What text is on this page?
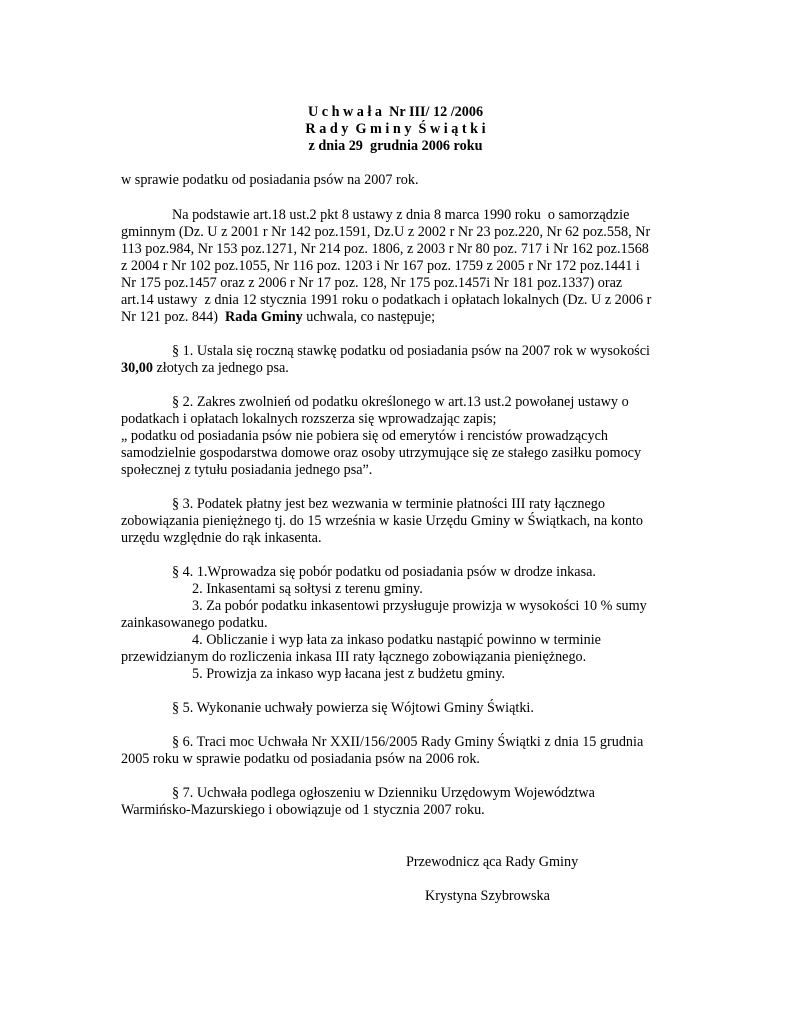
U c h w a ł a  Nr III/ 12 /2006
R a d y  G m i n y  Ś w i ą t k i
z dnia 29  grudnia 2006 roku
w sprawie podatku od posiadania psów na 2007 rok.
Na podstawie art.18 ust.2 pkt 8 ustawy z dnia 8 marca 1990 roku  o samorządzie
gminnym (Dz. U z 2001 r Nr 142 poz.1591, Dz.U z 2002 r Nr 23 poz.220, Nr 62 poz.558, Nr
113 poz.984, Nr 153 poz.1271, Nr 214 poz. 1806, z 2003 r Nr 80 poz. 717 i Nr 162 poz.1568
z 2004 r Nr 102 poz.1055, Nr 116 poz. 1203 i Nr 167 poz. 1759 z 2005 r Nr 172 poz.1441 i
Nr 175 poz.1457 oraz z 2006 r Nr 17 poz. 128, Nr 175 poz.1457i Nr 181 poz.1337) oraz
art.14 ustawy  z dnia 12 stycznia 1991 roku o podatkach i opłatach lokalnych (Dz. U z 2006 r
Nr 121 poz. 844)  Rada Gminy uchwala, co następuje;
§ 1. Ustala się roczną stawkę podatku od posiadania psów na 2007 rok w wysokości
30,00 złotych za jednego psa.
§ 2. Zakres zwolnień od podatku określonego w art.13 ust.2 powołanej ustawy o
podatkach i opłatach lokalnych rozszerza się wprowadzając zapis;
„ podatku od posiadania psów nie pobiera się od emerytów i rencistów prowadzących
samodzielnie gospodarstwa domowe oraz osoby utrzymujące się ze stałego zasiłku pomocy
społecznej z tytułu posiadania jednego psa”.
§ 3. Podatek płatny jest bez wezwania w terminie płatności III raty łącznego
zobowiązania pieniężnego tj. do 15 września w kasie Urzędu Gminy w Świątkach, na konto
urzędu względnie do rąk inkasenta.
§ 4. 1.Wprowadza się pobór podatku od posiadania psów w drodze inkasa.
2. Inkasentami są sołtysi z terenu gminy.
3. Za pobór podatku inkasentowi przysługuje prowizja w wysokości 10 % sumy
zainkasowanego podatku.
4. Obliczanie i wyp łata za inkaso podatku nastąpić powinno w terminie
przewidzianym do rozliczenia inkasa III raty łącznego zobowiązania pieniężnego.
5. Prowizja za inkaso wyp łacana jest z budżetu gminy.
§ 5. Wykonanie uchwały powierza się Wójtowi Gminy Świątki.
§ 6. Traci moc Uchwała Nr XXII/156/2005 Rady Gminy Świątki z dnia 15 grudnia
2005 roku w sprawie podatku od posiadania psów na 2006 rok.
§ 7. Uchwała podlega ogłoszeniu w Dzienniku Urzędowym Województwa
Warmińsko-Mazurskiego i obowiązuje od 1 stycznia 2007 roku.
Przewodnicz ąca Rady Gminy
Krystyna Szybrowska
